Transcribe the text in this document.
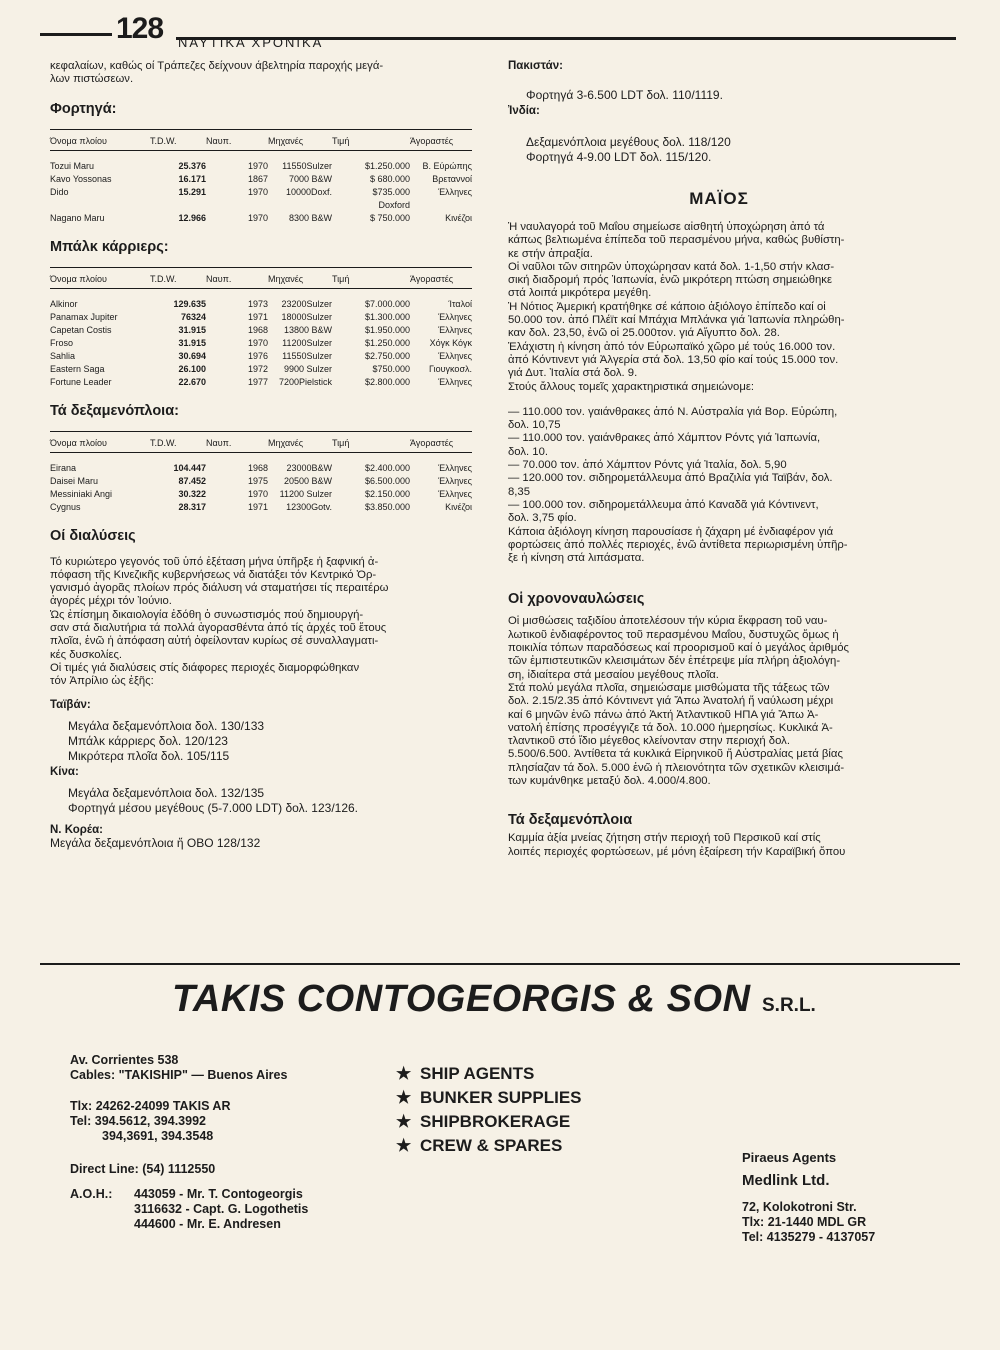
128 ΝΑΥΤΙΚΑ ΧΡΟΝΙΚΑ
κεφαλαίων, καθώς οί Τράπεζες δείχνουν άβελτηρία παροχής μεγά-
λων πιστώσεων.
Φορτηγά:
Όνομα πλοίου	T.D.W.	Ναυπ.	Μηχανές	Τιμή	Άγοραστές
Tozui Maru	25.376	1970	11550Sulzer	$1.250.000	Β. Εύρώπης
Kavo Yossonas	16.171	1867	7000 B&W	$ 680.000	Βρεταννοί
Dido	15.291	1970	10000Doxf.	$735.000	Έλληνες
				Doxford	
Nagano Maru	12.966	1970	8300 B&W	$ 750.000	Κινέζοι
Μπάλκ κάρριερς:
Όνομα πλοίου	T.D.W.	Ναυπ.	Μηχανές	Τιμή	Άγοραστές
Alkinor	129.635	1973	23200Sulzer	$7.000.000	Ίταλοί
Panamax Jupiter	76324	1971	18000Sulzer	$1.300.000	Έλληνες
Capetan Costis	31.915	1968	13800 B&W	$1.950.000	Έλληνες
Froso	31.915	1970	11200Sulzer	$1.250.000	Χόγκ Κόγκ
Sahlia	30.694	1976	11550Sulzer	$2.750.000	Έλληνες
Eastern Saga	26.100	1972	9900 Sulzer	$750.000	Γιουγκοσλ.
Fortune Leader	22.670	1977	7200Pielstick	$2.800.000	Έλληνες
Τά δεξαμενόπλοια:
Όνομα πλοίου	T.D.W.	Ναυπ.	Μηχανές	Τιμή	Άγοραστές
Eirana	104.447	1968	23000B&W	$2.400.000	Έλληνες
Daisei Maru	87.452	1975	20500 B&W	$6.500.000	Έλληνες
Messiniaki Angi	30.322	1970	11200 Sulzer	$2.150.000	Έλληνες
Cygnus	28.317	1971	12300Gotv.	$3.850.000	Κινέζοι
Οί διαλύσεις
Τό κυριώτερο γεγονός τοῦ ὑπό ἐξέταση μήνα ὑπῆρξε ἡ ξαφνική ἀ-
πόφαση τῆς Κινεζικῆς κυβερνήσεως νά διατάξει τόν Κεντρικό Ὀρ-
γανισμό ἀγορᾶς πλοίων πρός διάλυση νά σταματήσει τίς περαιτέρω
ἀγορές μέχρι τόν Ἰούνιο.
Ὡς ἐπίσημη δικαιολογία ἐδόθη ὁ συνωστισμός πού δημιουργή-
σαν στά διαλυτήρια τά πολλά ἀγορασθέντα ἀπό τίς ἀρχές τοῦ ἔτους
πλοῖα, ἐνῶ ἡ ἀπόφαση αὐτή ὀφείλονταν κυρίως σέ συναλλαγματι-
κές δυσκολίες.
Οἱ τιμές γιά διαλύσεις στίς διάφορες περιοχές διαμορφώθηκαν
τόν Ἀπρίλιο ὡς ἑξῆς:
Ταϊβάν:
Μεγάλα δεξαμενόπλοια δολ. 130/133
Μπάλκ κάρριερς δολ. 120/123
Μικρότερα πλοῖα δολ. 105/115
Κίνα:
Μεγάλα δεξαμενόπλοια δολ. 132/135
Φορτηγά μέσου μεγέθους (5-7.000 LDT) δολ. 123/126.
Ν. Κορέα:
Μεγάλα δεξαμενόπλοια ἤ ΟΒΟ 128/132
Πακιστάν:
Φορτηγά 3-6.500 LDT δολ. 110/1119.
Ἰνδία:
Δεξαμενόπλοια μεγέθους δολ. 118/120
Φορτηγά 4-9.00 LDT δολ. 115/120.
ΜΑΪΟΣ
Ἡ ναυλαγορά τοῦ Μαΐου σημείωσε αἰσθητή ὑποχώρηση ἀπό τά
κάπως βελτιωμένα ἐπίπεδα τοῦ περασμένου μήνα, καθώς βυθίστη-
κε στήν ἀπραξία.
Οἱ ναῦλοι τῶν σιτηρῶν ὑποχώρησαν κατά δολ. 1-1,50 στήν κλασ-
σική διαδρομή πρός Ἰαπωνία, ἐνῶ μικρότερη πτώση σημειώθηκε
στά λοιπά μικρότερα μεγέθη.
Ἡ Νότιος Ἀμερική κρατήθηκε σέ κάποιο ἀξιόλογο ἐπίπεδο καί οἱ
50.000 τον. ἀπό Πλέϊτ καί Μπάχια Μπλάνκα γιά Ἰαπωνία πληρώθη-
καν δολ. 23,50, ἐνῶ οἱ 25.000τον. γιά Αἴγυπτο δολ. 28.
Ἐλάχιστη ἡ κίνηση ἀπό τόν Εὐρωπαϊκό χῶρο μέ τούς 16.000 τον.
ἀπό Κόντινεντ γιά Ἀλγερία στά δολ. 13,50 φίο καί τούς 15.000 τον.
γιά Δυτ. Ἰταλία στά δολ. 9.
Στούς ἄλλους τομεῖς χαρακτηριστικά σημειώνομε:
— 110.000 τον. γαιάνθρακες ἀπό Ν. Αὐστραλία γιά Βορ. Εὐρώπη,
δολ. 10,75
— 110.000 τον. γαιάνθρακες ἀπό Χάμπτον Ρόντς γιά Ἰαπωνία,
δολ. 10.
— 70.000 τον. ἀπό Χάμπτον Ρόντς γιά Ἰταλία, δολ. 5,90
— 120.000 τον. σιδηρομετάλλευμα ἀπό Βραζιλία γιά Ταϊβάν, δολ.
8,35
— 100.000 τον. σιδηρομετάλλευμα ἀπό Καναδᾶ γιά Κόντινεντ,
δολ. 3,75 φίο.
Κάποια ἀξιόλογη κίνηση παρουσίασε ἡ ζάχαρη μέ ἐνδιαφέρον γιά
φορτώσεις ἀπό πολλές περιοχές, ἐνῶ ἀντίθετα περιωρισμένη ὑπῆρ-
ξε ἡ κίνηση στά λιπάσματα.
Οἱ χρονοναυλώσεις
Οἱ μισθώσεις ταξιδίου ἀποτελέσουν τήν κύρια ἔκφραση τοῦ ναυ-
λωτικοῦ ἐνδιαφέροντος τοῦ περασμένου Μαΐου, δυστυχῶς ὅμως ἡ
ποικιλία τόπων παραδόσεως καί προορισμοῦ καί ὁ μεγάλος ἀριθμός
τῶν ἐμπιστευτικῶν κλεισιμάτων δέν ἐπέτρεψε μία πλήρη ἀξιολόγη-
ση, ἰδιαίτερα στά μεσαίου μεγέθους πλοῖα.
Στά πολύ μεγάλα πλοῖα, σημειώσαμε μισθώματα τῆς τάξεως τῶν
δολ. 2.15/2.35 ἀπό Κόντινεντ γιά Ἄπω Ἀνατολή ἤ ναύλωση μέχρι
καί 6 μηνῶν ἐνῶ πάνω ἀπό Ἀκτή Ἀτλαντικοῦ ΗΠΑ γιά Ἄπω Ἀ-
νατολή ἐπίσης προσέγγιζε τά δολ. 10.000 ἡμερησίως. Κυκλικά Ἀ-
τλαντικοῦ στό ἴδιο μέγεθος κλείνονταν στην περιοχή δολ.
5.500/6.500. Ἀντίθετα τά κυκλικά Εἰρηνικοῦ ἤ Αὐστραλίας μετά βίας
πλησίαζαν τά δολ. 5.000 ἐνῶ ἡ πλειονότητα τῶν σχετικῶν κλεισιμά-
των κυμάνθηκε μεταξύ δολ. 4.000/4.800.
Τά δεξαμενόπλοια
Καμμία ἀξία μνείας ζήτηση στήν περιοχή τοῦ Περσικοῦ καί στίς
λοιπές περιοχές φορτώσεων, μέ μόνη ἐξαίρεση τήν Καραϊβική ὅπου
TAKIS CONTOGEORGIS & SON S.R.L.
Av. Corrientes 538
Cables: "TAKISHIP" — Buenos Aires
Tlx: 24262-24099 TAKIS AR
Tel: 394.5612, 394.3992
394,3691, 394.3548
Direct Line: (54) 1112550
A.O.H.:	443059 - Mr. T. Contogeorgis
3116632 - Capt. G. Logothetis
444600 - Mr. E. Andresen
★ SHIP AGENTS
★ BUNKER SUPPLIES
★ SHIPBROKERAGE
★ CREW & SPARES
Piraeus Agents
Medlink Ltd.
72, Kolokotroni Str.
Tlx: 21-1440 MDL GR
Tel: 4135279 - 4137057
